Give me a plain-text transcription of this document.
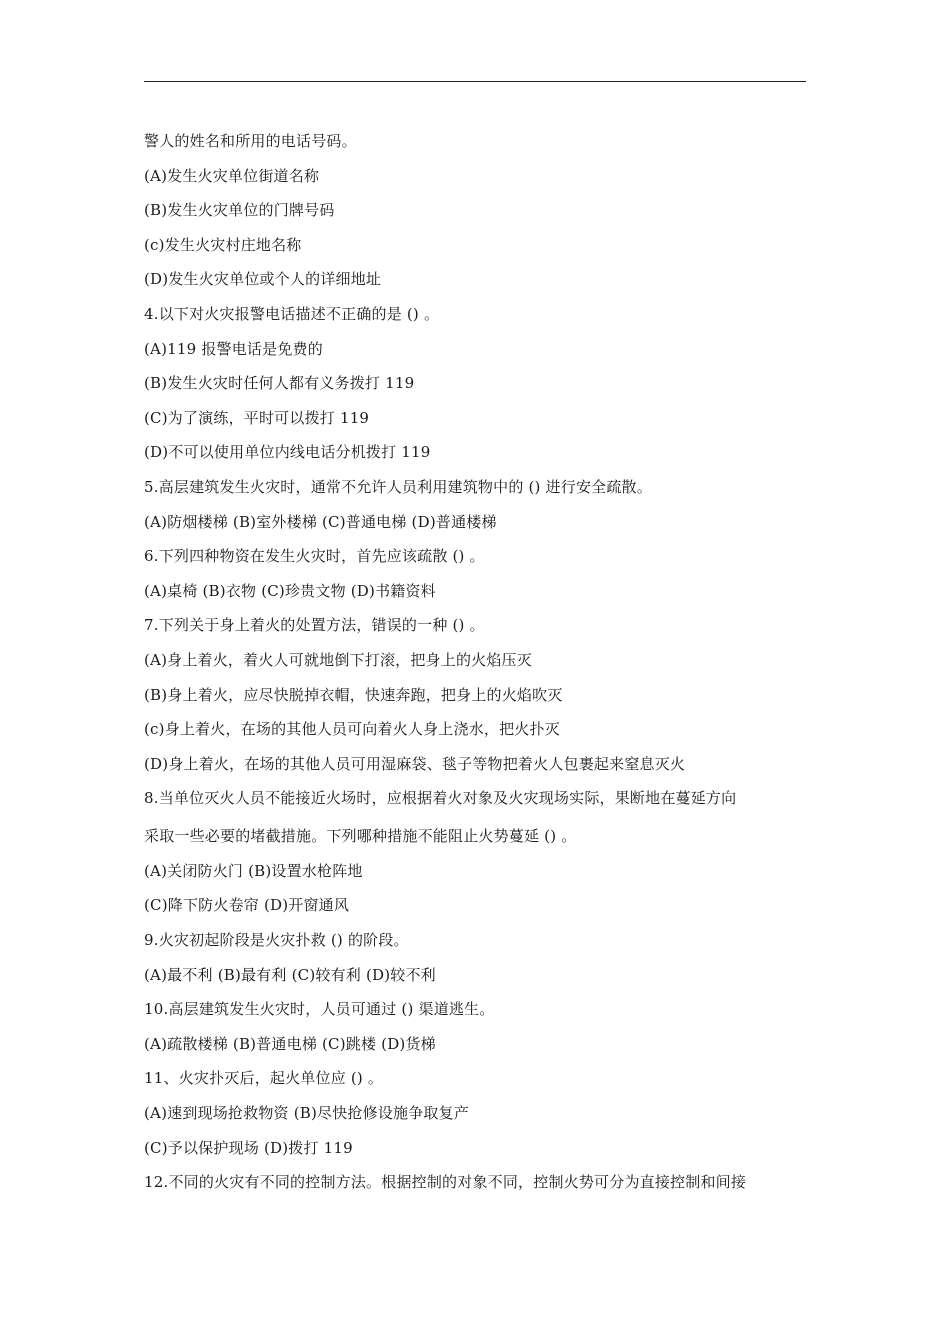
警人的姓名和所用的电话号码。
(A)发生火灾单位街道名称
(B)发生火灾单位的门牌号码
(c)发生火灾村庄地名称
(D)发生火灾单位或个人的详细地址
4.以下对火灾报警电话描述不正确的是 () 。
(A)119 报警电话是免费的
(B)发生火灾时任何人都有义务拨打 119
(C)为了演练，平时可以拨打 119
(D)不可以使用单位内线电话分机拨打 119
5.高层建筑发生火灾时，通常不允许人员利用建筑物中的 () 进行安全疏散。
(A)防烟楼梯 (B)室外楼梯 (C)普通电梯 (D)普通楼梯
6.下列四种物资在发生火灾时，首先应该疏散 () 。
(A)桌椅 (B)衣物 (C)珍贵文物 (D)书籍资料
7.下列关于身上着火的处置方法，错误的一种 () 。
(A)身上着火，着火人可就地倒下打滚，把身上的火焰压灭
(B)身上着火，应尽快脱掉衣帽，快速奔跑，把身上的火焰吹灭
(c)身上着火，在场的其他人员可向着火人身上浇水，把火扑灭
(D)身上着火，在场的其他人员可用湿麻袋、毯子等物把着火人包裹起来窒息灭火
8.当单位灭火人员不能接近火场时，应根据着火对象及火灾现场实际，果断地在蔓延方向
采取一些必要的堵截措施。下列哪种措施不能阻止火势蔓延 () 。
(A)关闭防火门 (B)设置水枪阵地
(C)降下防火卷帘 (D)开窗通风
9.火灾初起阶段是火灾扑救 () 的阶段。
(A)最不利 (B)最有利 (C)较有利 (D)较不利
10.高层建筑发生火灾时，人员可通过 () 渠道逃生。
(A)疏散楼梯 (B)普通电梯 (C)跳楼 (D)货梯
11、火灾扑灭后，起火单位应 () 。
(A)速到现场抢救物资 (B)尽快抢修设施争取复产
(C)予以保护现场 (D)拨打 119
12.不同的火灾有不同的控制方法。根据控制的对象不同，控制火势可分为直接控制和间接
